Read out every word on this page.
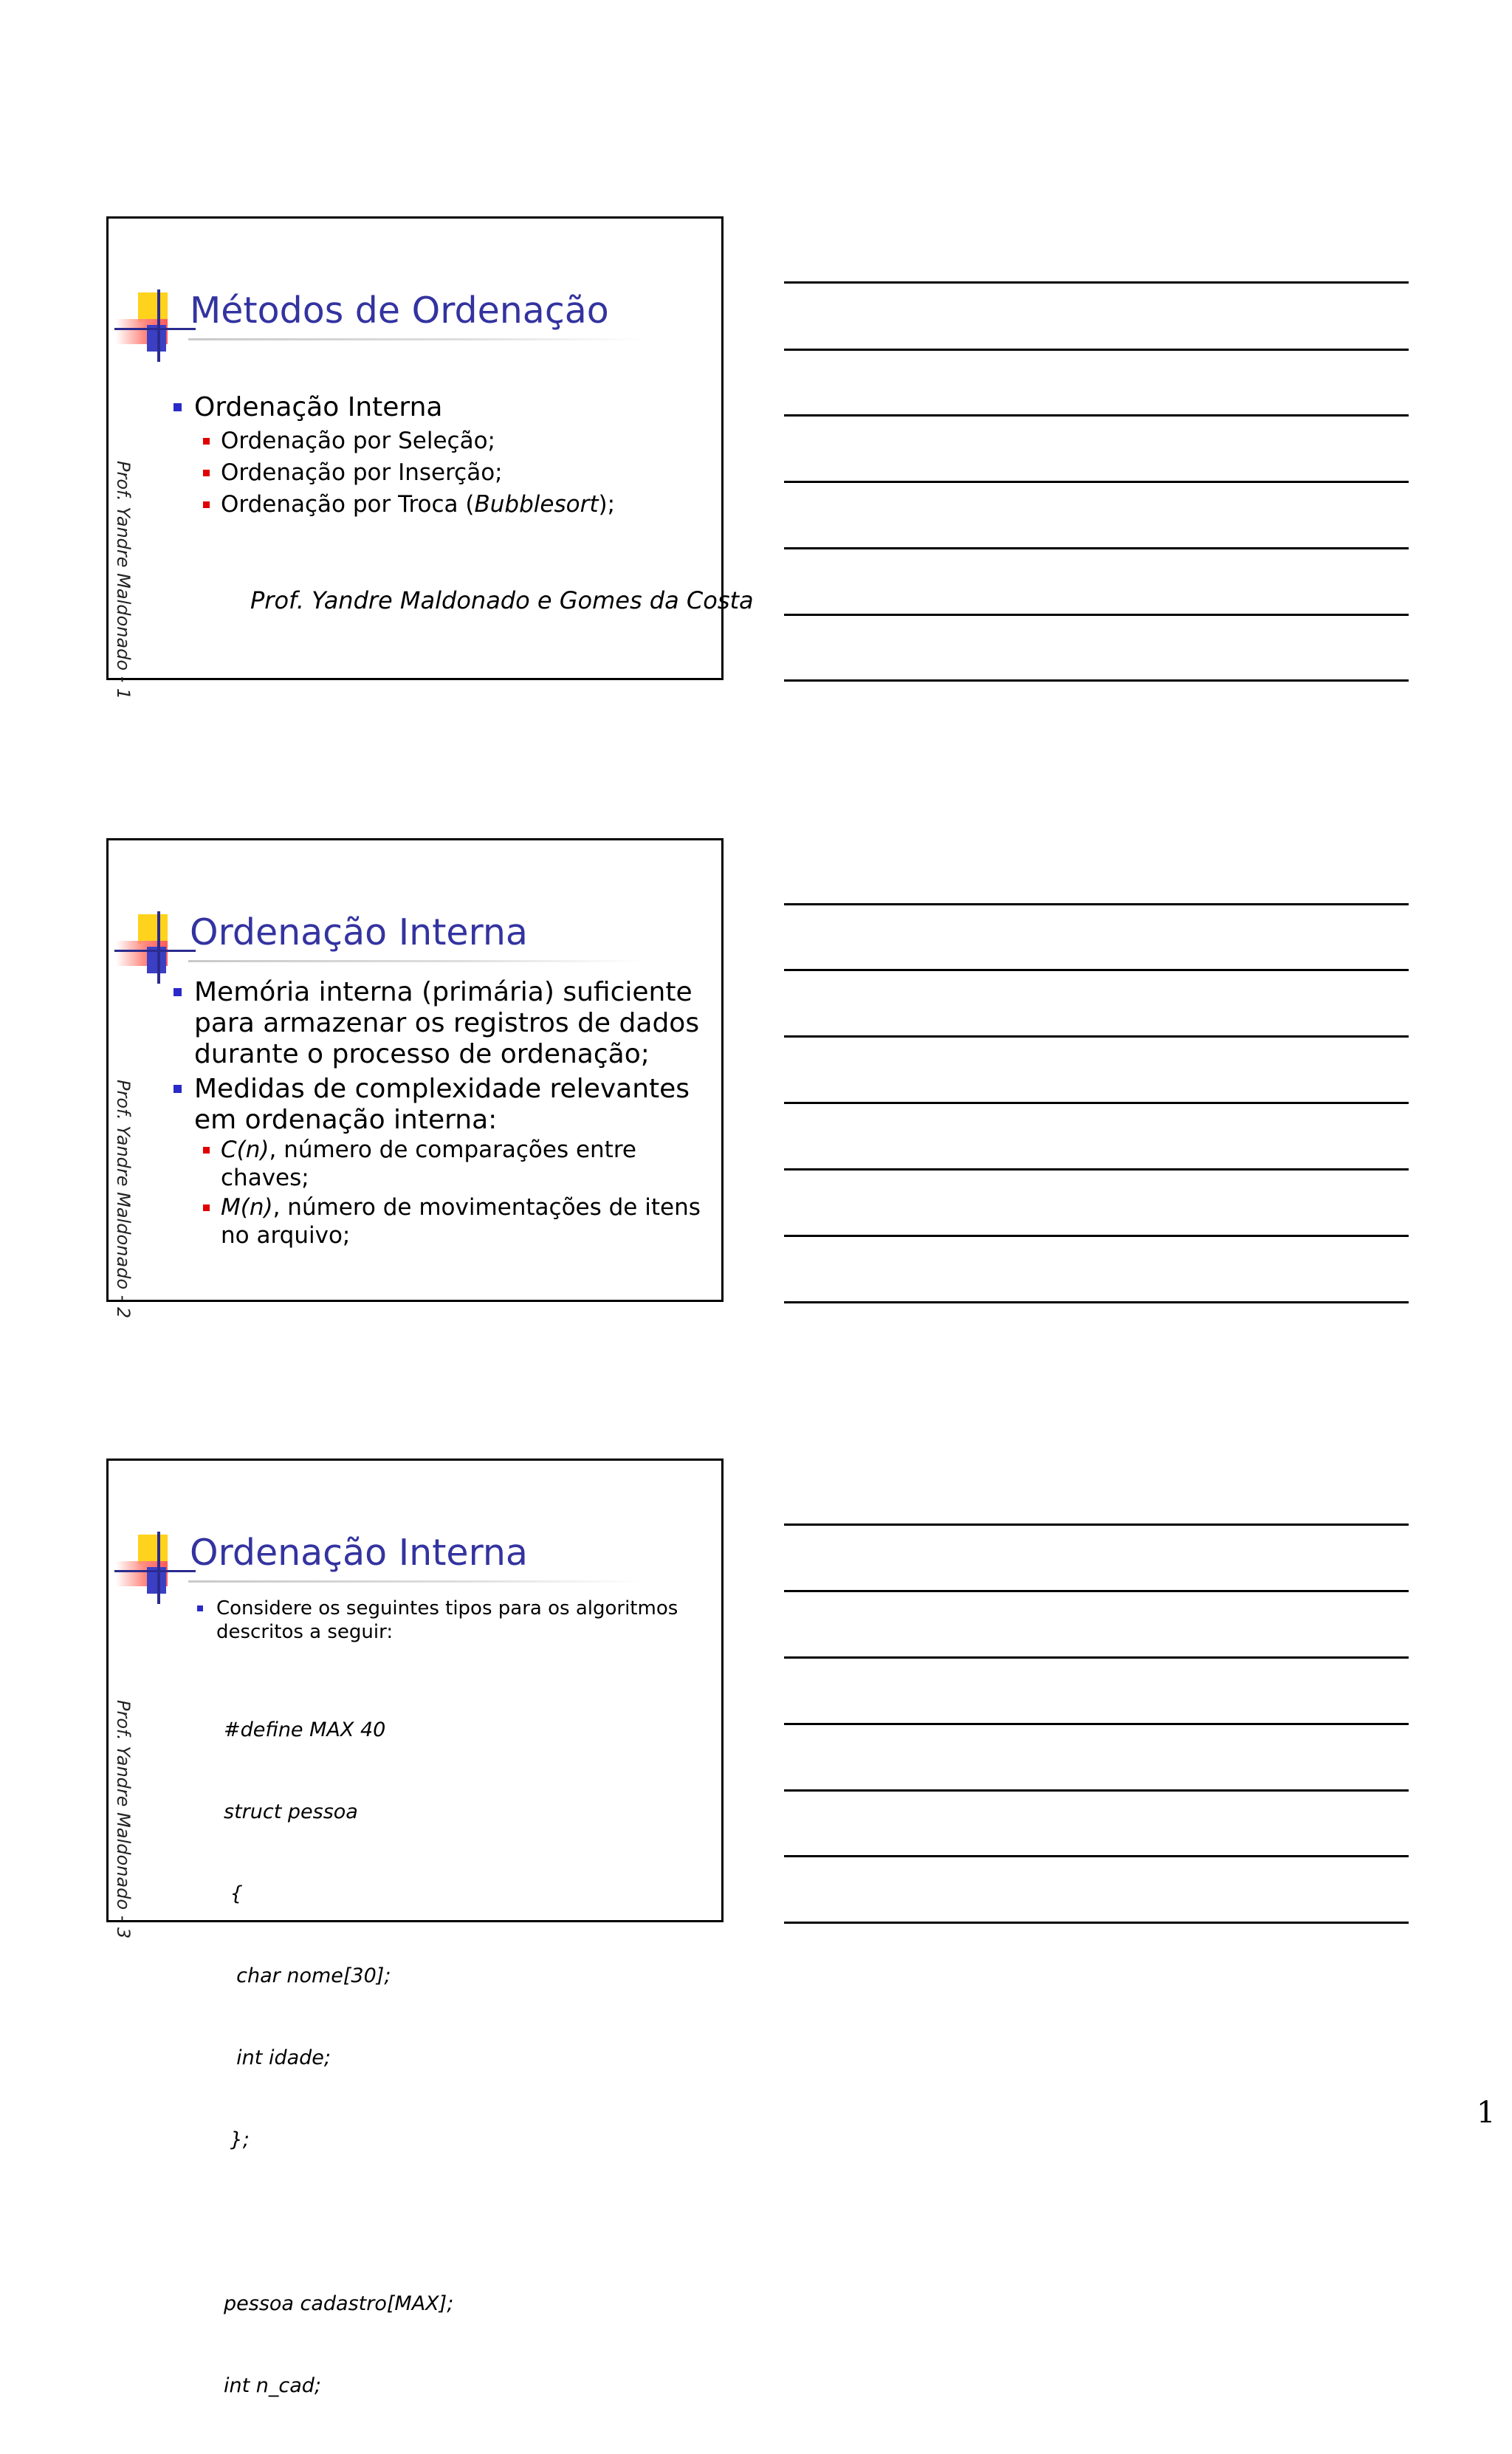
Métodos de Ordenação
Prof. Yandre Maldonado - 1
Ordenação Interna
Ordenação por Seleção;
Ordenação por Inserção;
Ordenação por Troca (Bubblesort);
Prof. Yandre Maldonado e Gomes da Costa
Ordenação Interna
Prof. Yandre Maldonado - 2
Memória interna (primária) suficiente
para armazenar os registros de dados
durante o processo de ordenação;
Medidas de complexidade relevantes
em ordenação interna:
C(n), número de comparações entre
chaves;
M(n), número de movimentações de itens
no arquivo;
Ordenação Interna
Prof. Yandre Maldonado - 3
Considere os seguintes tipos para os algoritmos
descritos a seguir:

#define MAX 40

struct pessoa

{

char nome[30];

int idade;

};

pessoa cadastro[MAX];

int n_cad;

1
